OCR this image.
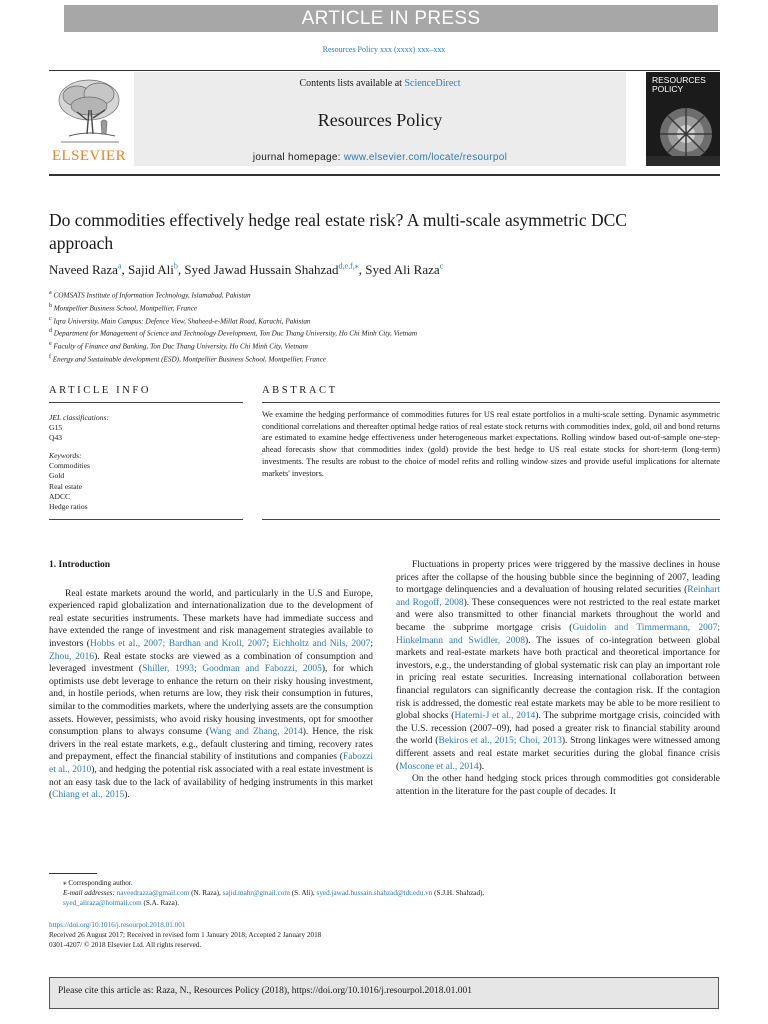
ARTICLE IN PRESS
Resources Policy xxx (xxxx) xxx–xxx
ELSEVIER
Contents lists available at ScienceDirect
Resources Policy
journal homepage: www.elsevier.com/locate/resourpol
RESOURCES
POLICY
Do commodities effectively hedge real estate risk? A multi-scale asymmetric DCC approach
Naveed Raza$^a$, Sajid Ali$^b$, Syed Jawad Hussain Shahzad$^{d,e,f,⁎}$, Syed Ali Raza$^c$
$^a$ COMSATS Institute of Information Technology, Islamabad, Pakistan
$^b$ Montpellier Business School, Montpellier, France
$^c$ Iqra University, Main Campus: Defence View, Shaheed-e-Millat Road, Karachi, Pakistan
$^d$ Department for Management of Science and Technology Development, Ton Duc Thang University, Ho Chi Minh City, Vietnam
$^e$ Faculty of Finance and Banking, Ton Duc Thang University, Ho Chi Minh City, Vietnam
$^f$ Energy and Sustainable development (ESD), Montpellier Business School, Montpellier, France
ARTICLE INFO	ABSTRACT
JEL classifications:
G15
Q43
Keywords:
Commodities
Gold
Real estate
ADCC
Hedge ratios
We examine the hedging performance of commodities futures for US real estate portfolios in a multi-scale setting. Dynamic asymmetric conditional correlations and thereafter optimal hedge ratios of real estate stock returns with commodities index, gold, oil and bond returns are estimated to examine hedge effectiveness under heterogeneous market expectations. Rolling window based out-of-sample one-step-ahead forecasts show that commodities index (gold) provide the best hedge to US real estate stocks for short-term (long-term) investments. The results are robust to the choice of model refits and rolling window sizes and provide useful implications for alternate markets' investors.
1. Introduction

Real estate markets around the world, and particularly in the U.S and Europe, experienced rapid globalization and internationalization due to the development of real estate securities instruments. These markets have had immediate success and have extended the range of investment and risk management strategies available to investors (Hobbs et al., 2007; Bardhan and Kroll, 2007; Eichholtz and Nils, 2007; Zhou, 2016). Real estate stocks are viewed as a combination of consumption and leveraged investment (Shiller, 1993; Goodman and Fabozzi, 2005), for which optimists use debt leverage to enhance the return on their risky housing investment, and, in hostile periods, when returns are low, they risk their consumption in futures, similar to the commodities markets, where the underlying assets are the consumption assets. However, pessimists, who avoid risky housing investments, opt for smoother consumption plans to always consume (Wang and Zhang, 2014). Hence, the risk drivers in the real estate markets, e.g., default clustering and timing, recovery rates and prepayment, effect the financial stability of institutions and companies (Fabozzi et al., 2010), and hedging the potential risk associated with a real estate investment is not an easy task due to the lack of availability of hedging instruments in this market (Chiang et al., 2015).

Fluctuations in property prices were triggered by the massive declines in house prices after the collapse of the housing bubble since the beginning of 2007, leading to mortgage delinquencies and a devaluation of housing related securities (Reinhart and Rogoff, 2008). These consequences were not restricted to the real estate market and were also transmitted to other financial markets throughout the world and became the subprime mortgage crisis (Guidolin and Timmermann, 2007; Hinkelmann and Swidler, 2008). The issues of co-integration between global markets and real-estate markets have both practical and theoretical importance for investors, e.g., the understanding of global systematic risk can play an important role in pricing real estate securities. Increasing international collaboration between financial regulators can significantly decrease the contagion risk. If the contagion risk is addressed, the domestic real estate markets may be able to be more resilient to global shocks (Hatemi-J et al., 2014). The subprime mortgage crisis, coincided with the U.S. recession (2007–09), had posed a greater risk to financial stability around the world (Bekiros et al., 2015; Choi, 2013). Strong linkages were witnessed among different assets and real estate market securities during the global finance crisis (Moscone et al., 2014).

On the other hand hedging stock prices through commodities got considerable attention in the literature for the past couple of decades. It

⁎ Corresponding author.
E-mail addresses: naveedrazza@gmail.com (N. Raza), sajid.mahr@gmail.com (S. Ali), syed.jawad.hussain.shahzad@tdt.edu.vn (S.J.H. Shahzad),
syed_aliraza@hotmail.com (S.A. Raza).
https://doi.org/10.1016/j.resourpol.2018.01.001
Received 26 August 2017; Received in revised form 1 January 2018; Accepted 2 January 2018
0301-4207/ © 2018 Elsevier Ltd. All rights reserved.
Please cite this article as: Raza, N., Resources Policy (2018), https://doi.org/10.1016/j.resourpol.2018.01.001
